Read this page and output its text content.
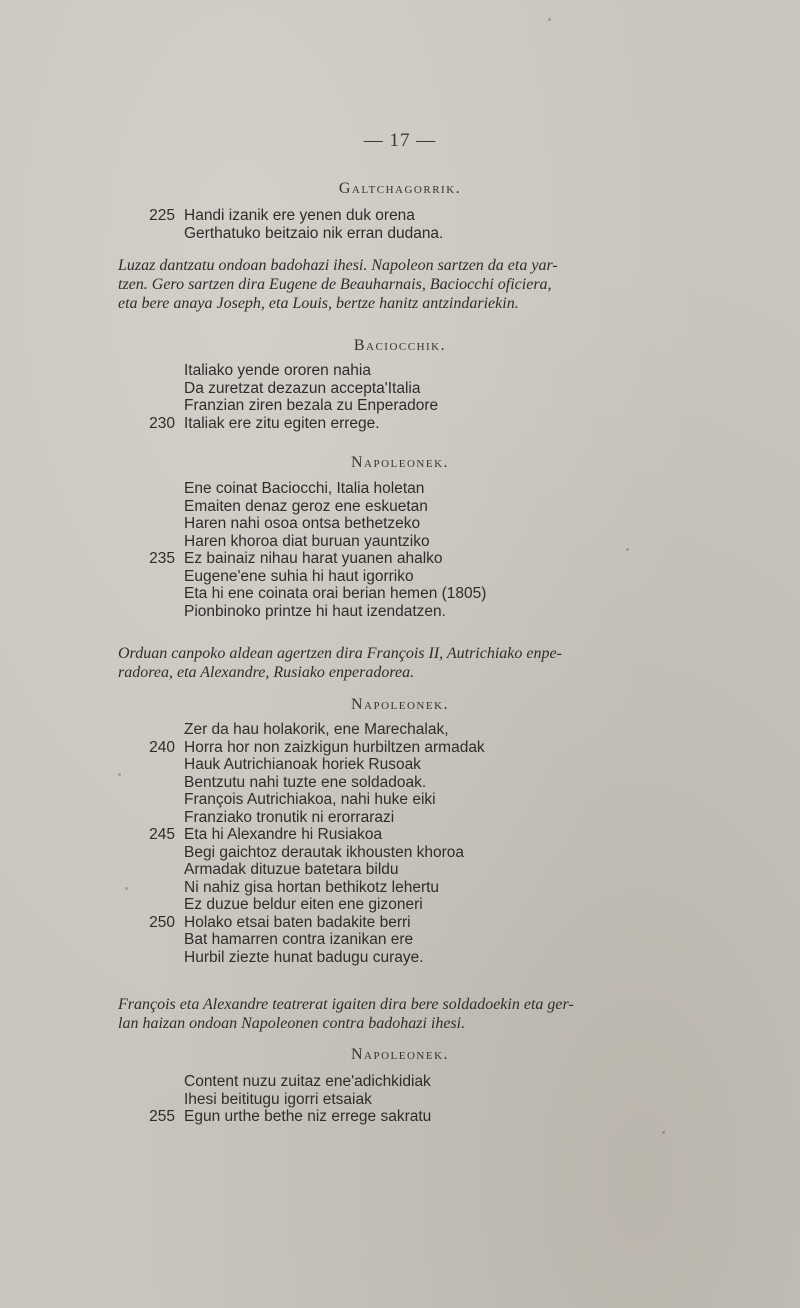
— 17 —
Galtchagorrik.
225 Handi izanik ere yenen duk orena
Gerthatuko beitzaio nik erran dudana.
Luzaz dantzatu ondoan badohazi ihesi. Napoleon sartzen da eta yar-
tzen. Gero sartzen dira Eugene de Beauharnais, Baciocchi oficiera,
eta bere anaya Joseph, eta Louis, bertze hanitz antzindariekin.
Baciocchik.
Italiako yende ororen nahia
Da zuretzat dezazun accepta'Italia
Franzian ziren bezala zu Enperadore
230 Italiak ere zitu egiten errege.
Napoleonek.
Ene coinat Baciocchi, Italia holetan
Emaiten denaz geroz ene eskuetan
Haren nahi osoa ontsa bethetzeko
Haren khoroa diat buruan yauntziko
235 Ez bainaiz nihau harat yuanen ahalko
Eugene'ene suhia hi haut igorriko
Eta hi ene coinata orai berian hemen (1805)
Pionbinoko printze hi haut izendatzen.
Orduan canpoko aldean agertzen dira François II, Autrichiako enpe-
radorea, eta Alexandre, Rusiako enperadorea.
Napoleonek.
Zer da hau holakorik, ene Marechalak,
240 Horra hor non zaizkigun hurbiltzen armadak
Hauk Autrichianoak horiek Rusoak
Bentzutu nahi tuzte ene soldadoak.
François Autrichiakoa, nahi huke eiki
Franziako tronutik ni erorrarazi
245 Eta hi Alexandre hi Rusiakoa
Begi gaichtoz derautak ikhousten khoroa
Armadak dituzue batetara bildu
Ni nahiz gisa hortan bethikotz lehertu
Ez duzue beldur eiten ene gizoneri
250 Holako etsai baten badakite berri
Bat hamarren contra izanikan ere
Hurbil ziezte hunat badugu curaye.
François eta Alexandre teatrerat igaiten dira bere soldadoekin eta ger-
lan haizan ondoan Napoleonen contra badohazi ihesi.
Napoleonek.
Content nuzu zuitaz ene'adichkidiak
Ihesi beititugu igorri etsaiak
255 Egun urthe bethe niz errege sakratu
